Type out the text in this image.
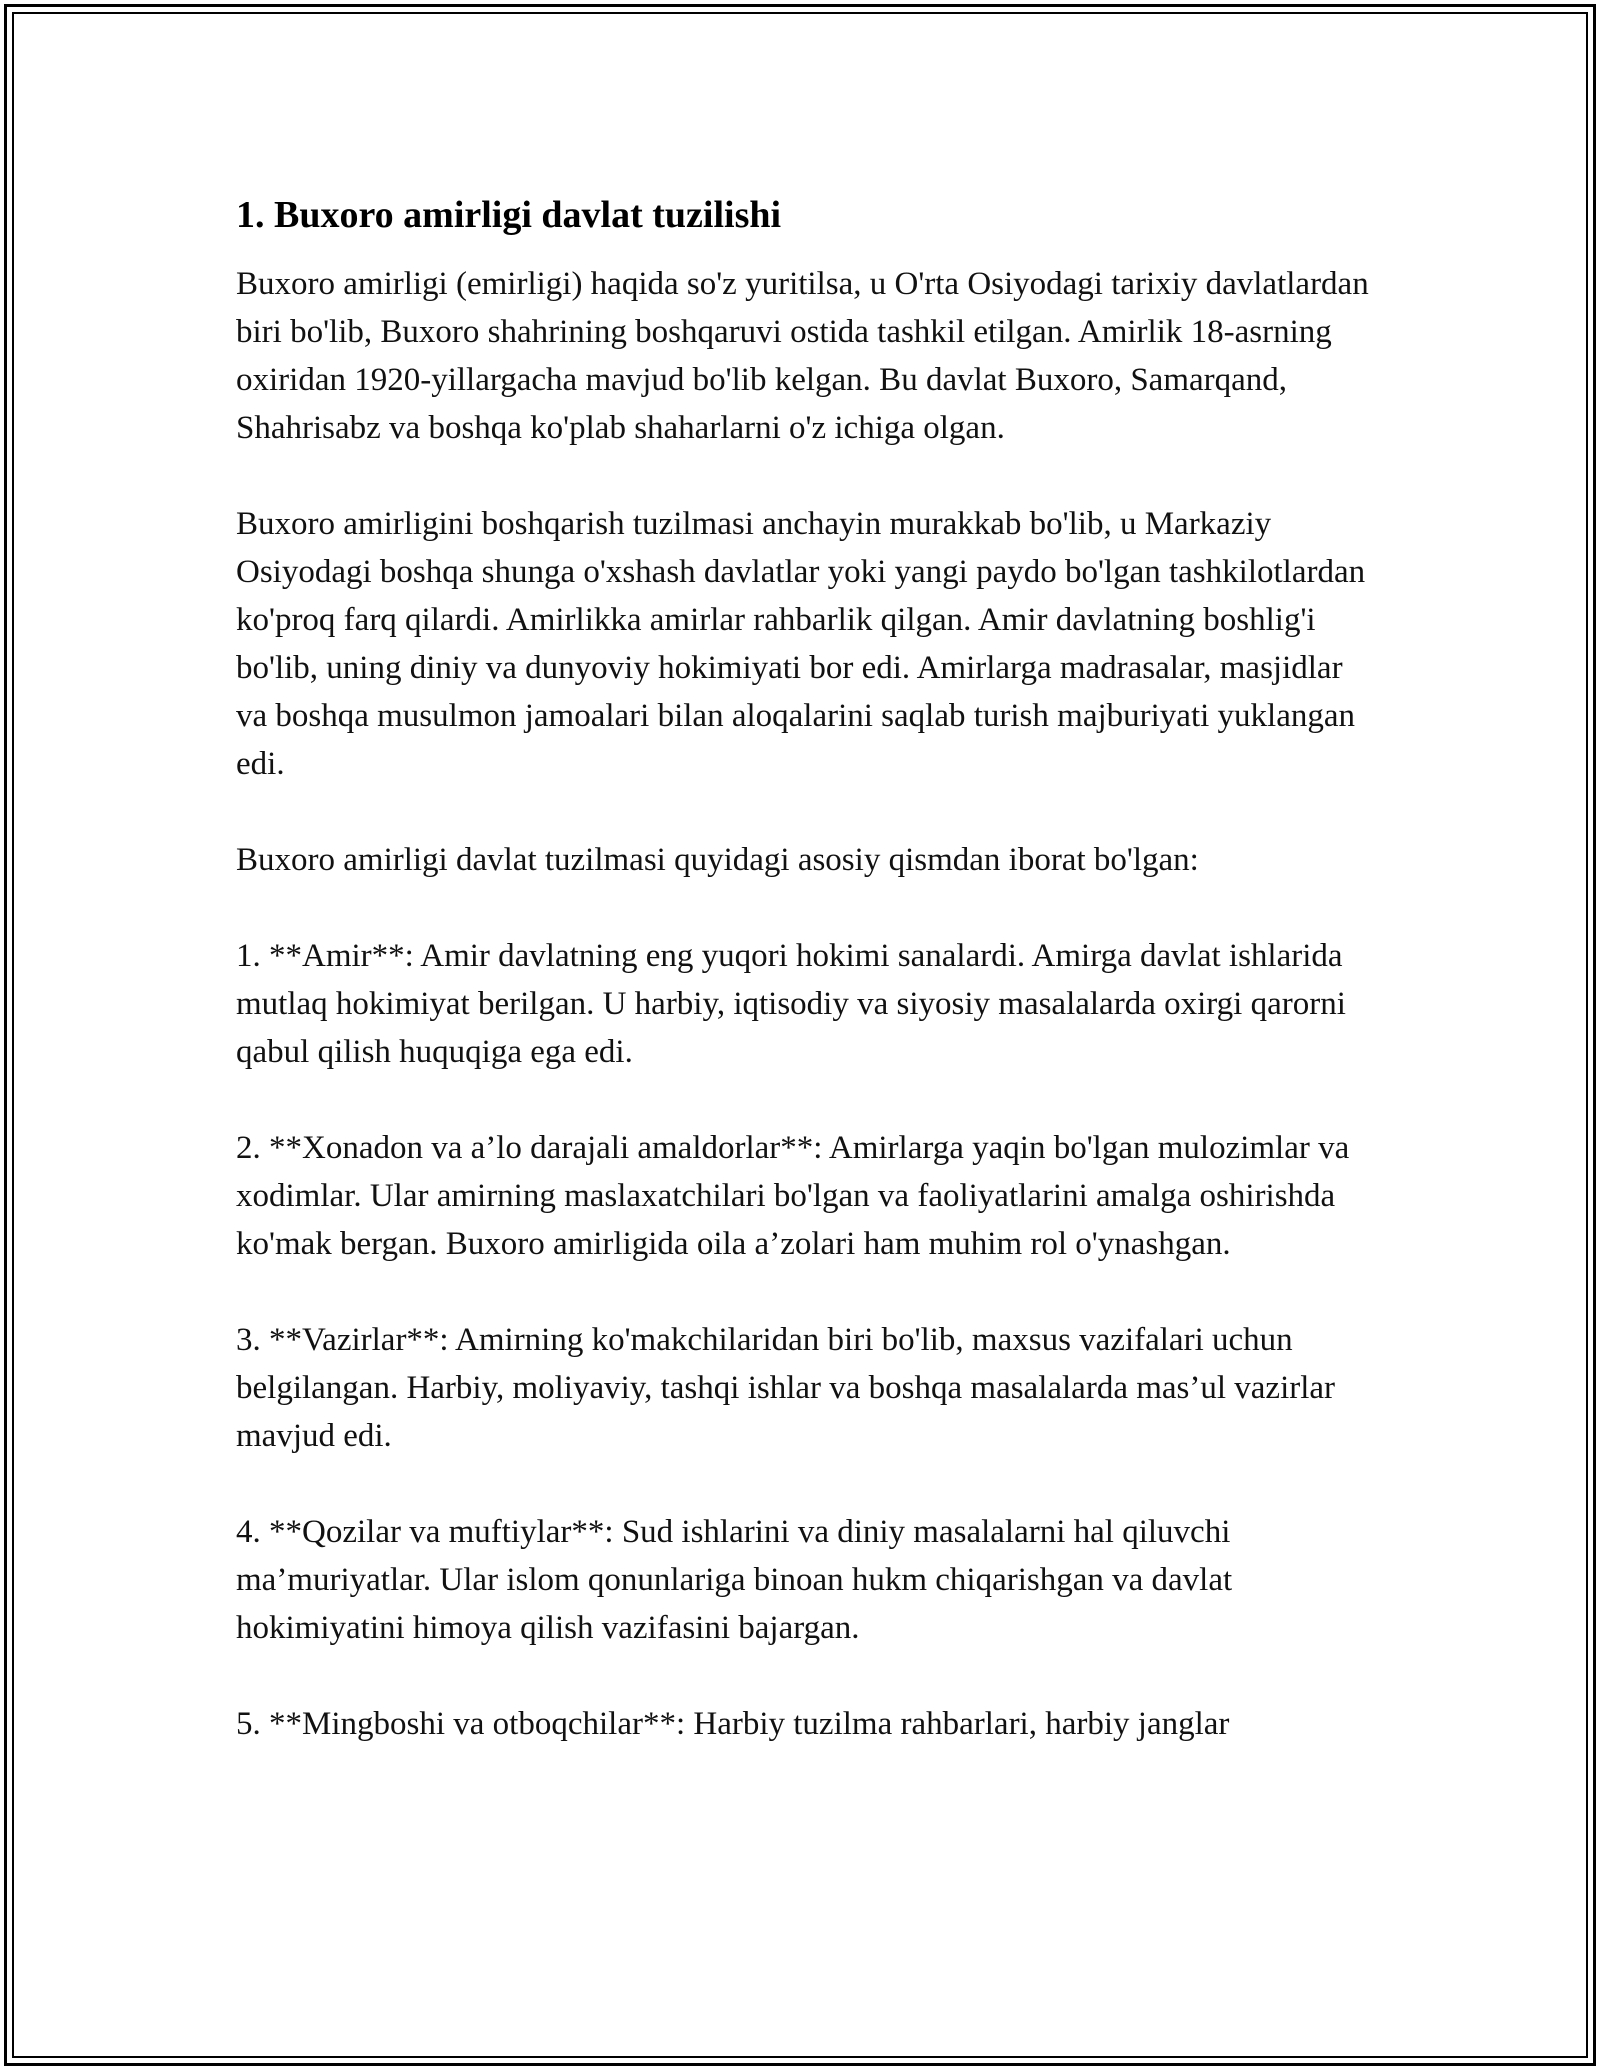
1. Buxoro amirligi davlat tuzilishi

Buxoro amirligi (emirligi) haqida so'z yuritilsa, u O'rta Osiyodagi tarixiy davlatlardan biri bo'lib, Buxoro shahrining boshqaruvi ostida tashkil etilgan. Amirlik 18-asrning oxiridan 1920-yillargacha mavjud bo'lib kelgan. Bu davlat Buxoro, Samarqand, Shahrisabz va boshqa ko'plab shaharlarni o'z ichiga olgan.

Buxoro amirligini boshqarish tuzilmasi anchayin murakkab bo'lib, u Markaziy Osiyodagi boshqa shunga o'xshash davlatlar yoki yangi paydo bo'lgan tashkilotlardan ko'proq farq qilardi. Amirlikka amirlar rahbarlik qilgan. Amir davlatning boshlig'i bo'lib, uning diniy va dunyoviy hokimiyati bor edi. Amirlarga madrasalar, masjidlar va boshqa musulmon jamoalari bilan aloqalarini saqlab turish majburiyati yuklangan edi.

Buxoro amirligi davlat tuzilmasi quyidagi asosiy qismdan iborat bo'lgan:

1. **Amir**: Amir davlatning eng yuqori hokimi sanalardi. Amirga davlat ishlarida mutlaq hokimiyat berilgan. U harbiy, iqtisodiy va siyosiy masalalarda oxirgi qarorni qabul qilish huquqiga ega edi.

2. **Xonadon va a’lo darajali amaldorlar**: Amirlarga yaqin bo'lgan mulozimlar va xodimlar. Ular amirning maslaxatchilari bo'lgan va faoliyatlarini amalga oshirishda ko'mak bergan. Buxoro amirligida oila a’zolari ham muhim rol o'ynashgan.

3. **Vazirlar**: Amirning ko'makchilaridan biri bo'lib, maxsus vazifalari uchun belgilangan. Harbiy, moliyaviy, tashqi ishlar va boshqa masalalarda mas’ul vazirlar mavjud edi.

4. **Qozilar va muftiylar**: Sud ishlarini va diniy masalalarni hal qiluvchi ma’muriyatlar. Ular islom qonunlariga binoan hukm chiqarishgan va davlat hokimiyatini himoya qilish vazifasini bajargan.

5. **Mingboshi va otboqchilar**: Harbiy tuzilma rahbarlari, harbiy janglar
